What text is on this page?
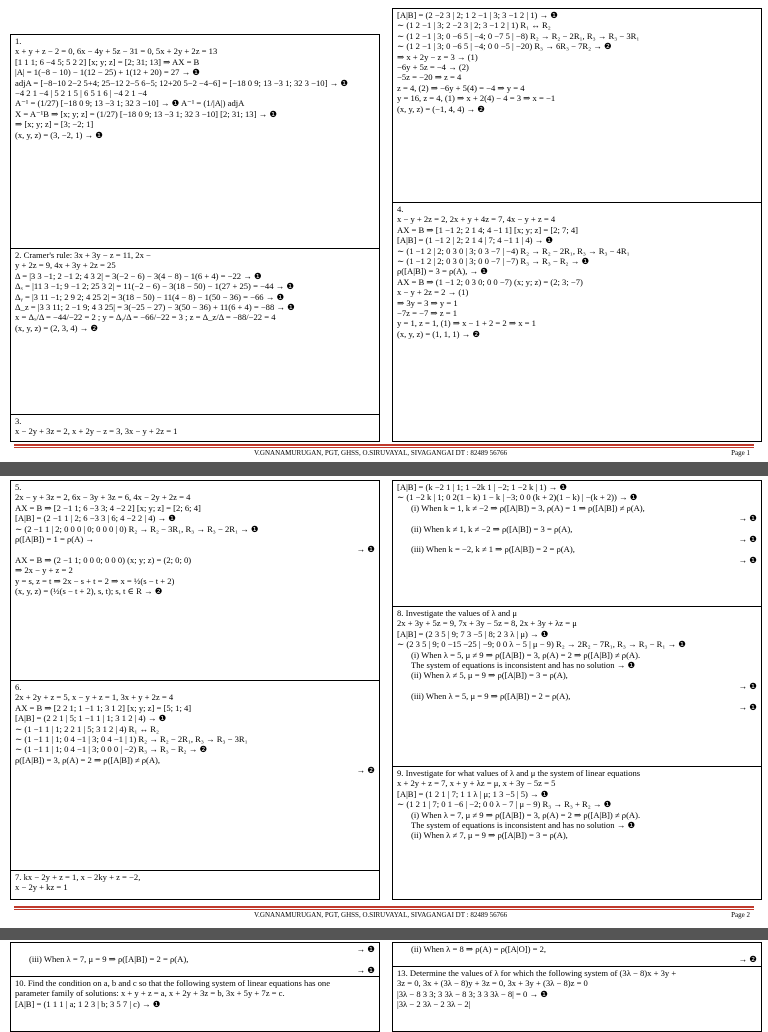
1.
x + y + z − 2 = 0, 6x − 4y + 5z − 31 = 0, 5x + 2y + 2z = 13
[1 1 1; 6 −4 5; 5 2 2] [x; y; z] = [2; 31; 13] ⇒ AX = B
|A| = 1(−8 − 10) − 1(12 − 25) + 1(12 + 20) = 27 → ❶
adjA = [−8−10 2−2 5+4; 25−12 2−5 6−5; 12+20 5−2 −4−6] = [−18 0 9; 13 −3 1; 32 3 −10] → ❶
−4 2 1 −4 | 5 2 1 5 | 6 5 1 6 | −4 2 1 −4
A⁻¹ = (1/27) [−18 0 9; 13 −3 1; 32 3 −10] → ❶ A⁻¹ = (1/|A|) adjA
X = A⁻¹B ⇒ [x; y; z] = (1/27) [−18 0 9; 13 −3 1; 32 3 −10] [2; 31; 13] → ❶
⇒ [x; y; z] = [3; −2; 1]
(x, y, z) = (3, −2, 1) → ❶
2. Cramer's rule: 3x + 3y − z = 11, 2x −
y + 2z = 9, 4x + 3y + 2z = 25
Δ = |3 3 −1; 2 −1 2; 4 3 2| = 3(−2 − 6) − 3(4 − 8) − 1(6 + 4) = −22 → ❶
Δₓ = |11 3 −1; 9 −1 2; 25 3 2| = 11(−2 − 6) − 3(18 − 50) − 1(27 + 25) = −44 → ❶
Δᵧ = |3 11 −1; 2 9 2; 4 25 2| = 3(18 − 50) − 11(4 − 8) − 1(50 − 36) = −66 → ❶
Δ_z = |3 3 11; 2 −1 9; 4 3 25| = 3(−25 − 27) − 3(50 − 36) + 11(6 + 4) = −88 → ❶
x = Δₓ/Δ = −44/−22 = 2 ; y = Δᵧ/Δ = −66/−22 = 3 ; z = Δ_z/Δ = −88/−22 = 4
(x, y, z) = (2, 3, 4) → ❷
3.
x − 2y + 3z = 2, x + 2y − z = 3, 3x − y + 2z = 1
[A|B] = (2 −2 3 | 2; 1 2 −1 | 3; 3 −1 2 | 1) → ❶
∼ (1 2 −1 | 3; 2 −2 3 | 2; 3 −1 2 | 1) R₁ ↔ R₂
∼ (1 2 −1 | 3; 0 −6 5 | −4; 0 −7 5 | −8) R₂ → R₂ − 2R₁, R₃ → R₃ − 3R₁
∼ (1 2 −1 | 3; 0 −6 5 | −4; 0 0 −5 | −20) R₃ → 6R₃ − 7R₂ → ❷
⇒ x + 2y − z = 3 → (1)
−6y + 5z = −4 → (2)
−5z = −20 ⇒ z = 4
z = 4, (2) ⇒ −6y + 5(4) = −4 ⇒ y = 4
y = 16, z = 4, (1) ⇒ x + 2(4) − 4 = 3 ⇒ x = −1
(x, y, z) = (−1, 4, 4) → ❷
4.
x − y + 2z = 2, 2x + y + 4z = 7, 4x − y + z = 4
AX = B ⇒ [1 −1 2; 2 1 4; 4 −1 1] [x; y; z] = [2; 7; 4]
[A|B] = (1 −1 2 | 2; 2 1 4 | 7; 4 −1 1 | 4) → ❶
∼ (1 −1 2 | 2; 0 3 0 | 3; 0 3 −7 | −4) R₂ → R₂ − 2R₁, R₃ → R₃ − 4R₁
∼ (1 −1 2 | 2; 0 3 0 | 3; 0 0 −7 | −7) R₃ → R₃ − R₂ → ❶
ρ([A|B]) = 3 = ρ(A), → ❶
AX = B ⇒ (1 −1 2; 0 3 0; 0 0 −7) (x; y; z) = (2; 3; −7)
x − y + 2z = 2 → (1)
⇒ 3y = 3 ⇒ y = 1
−7z = −7 ⇒ z = 1
y = 1, z = 1, (1) ⇒ x − 1 + 2 = 2 ⇒ x = 1
(x, y, z) = (1, 1, 1) → ❷
V.GNANAMURUGAN, PGT, GHSS, O.SIRUVAYAL, SIVAGANGAI DT : 82489 56766	Page 1
5.
2x − y + 3z = 2, 6x − 3y + 3z = 6, 4x − 2y + 2z = 4
AX = B ⇒ [2 −1 1; 6 −3 3; 4 −2 2] [x; y; z] = [2; 6; 4]
[A|B] = (2 −1 1 | 2; 6 −3 3 | 6; 4 −2 2 | 4) → ❶
∼ (2 −1 1 | 2; 0 0 0 | 0; 0 0 0 | 0) R₂ → R₂ − 3R₁, R₃ → R₃ − 2R₁ → ❶
ρ([A|B]) = 1 = ρ(A) →
→ ❶
AX = B ⇒ (2 −1 1; 0 0 0; 0 0 0) (x; y; z) = (2; 0; 0)
⇒ 2x − y + z = 2
y = s, z = t ⇒ 2x − s + t = 2 ⇒ x = ½(s − t + 2)
(x, y, z) = (½(s − t + 2), s, t); s, t ∈ R → ❷
6.
2x + 2y + z = 5, x − y + z = 1, 3x + y + 2z = 4
AX = B ⇒ [2 2 1; 1 −1 1; 3 1 2] [x; y; z] = [5; 1; 4]
[A|B] = (2 2 1 | 5; 1 −1 1 | 1; 3 1 2 | 4) → ❶
∼ (1 −1 1 | 1; 2 2 1 | 5; 3 1 2 | 4) R₁ ↔ R₂
∼ (1 −1 1 | 1; 0 4 −1 | 3; 0 4 −1 | 1) R₂ → R₂ − 2R₁, R₃ → R₃ − 3R₁
∼ (1 −1 1 | 1; 0 4 −1 | 3; 0 0 0 | −2) R₃ → R₃ − R₂ → ❷
ρ([A|B]) = 3, ρ(A) = 2 ⇒ ρ([A|B]) ≠ ρ(A),
→ ❷
7. kx − 2y + z = 1, x − 2ky + z = −2,
x − 2y + kz = 1
[A|B] = (k −2 1 | 1; 1 −2k 1 | −2; 1 −2 k | 1) → ❶
∼ (1 −2 k | 1; 0 2(1 − k) 1 − k | −3; 0 0 (k + 2)(1 − k) | −(k + 2)) → ❶
(i) When k = 1, k ≠ −2 ⇒ ρ([A|B]) = 3, ρ(A) = 1 ⇒ ρ([A|B]) ≠ ρ(A),
→ ❶
(ii) When k ≠ 1, k ≠ −2 ⇒ ρ([A|B]) = 3 = ρ(A),
→ ❶
(iii) When k = −2, k ≠ 1 ⇒ ρ([A|B]) = 2 = ρ(A),
→ ❶
8. Investigate the values of λ and μ
2x + 3y + 5z = 9, 7x + 3y − 5z = 8, 2x + 3y + λz = μ
[A|B] = (2 3 5 | 9; 7 3 −5 | 8; 2 3 λ | μ) → ❶
∼ (2 3 5 | 9; 0 −15 −25 | −9; 0 0 λ − 5 | μ − 9) R₂ → 2R₂ − 7R₁, R₃ → R₃ − R₁ → ❶
(i) When λ = 5, μ ≠ 9 ⇒ ρ([A|B]) = 3, ρ(A) = 2 ⇒ ρ([A|B]) ≠ ρ(A).
The system of equations is inconsistent and has no solution → ❶
(ii) When λ ≠ 5, μ = 9 ⇒ ρ([A|B]) = 3 = ρ(A),
→ ❶
(iii) When λ = 5, μ = 9 ⇒ ρ([A|B]) = 2 = ρ(A),
→ ❶
9. Investigate for what values of λ and μ the system of linear equations
x + 2y + z = 7, x + y + λz = μ, x + 3y − 5z = 5
[A|B] = (1 2 1 | 7; 1 1 λ | μ; 1 3 −5 | 5) → ❶
∼ (1 2 1 | 7; 0 1 −6 | −2; 0 0 λ − 7 | μ − 9) R₃ → R₃ + R₂ → ❶
(i) When λ = 7, μ ≠ 9 ⇒ ρ([A|B]) = 3, ρ(A) = 2 ⇒ ρ([A|B]) ≠ ρ(A).
The system of equations is inconsistent and has no solution → ❶
(ii) When λ ≠ 7, μ = 9 ⇒ ρ([A|B]) = 3 = ρ(A),
V.GNANAMURUGAN, PGT, GHSS, O.SIRUVAYAL, SIVAGANGAI DT : 82489 56766	Page 2
→ ❶
(iii) When λ = 7, μ = 9 ⇒ ρ([A|B]) = 2 = ρ(A),
→ ❶
10. Find the condition on a, b and c so that the following system of linear equations has one
parameter family of solutions: x + y + z = a, x + 2y + 3z = b, 3x + 5y + 7z = c.
[A|B] = (1 1 1 | a; 1 2 3 | b; 3 5 7 | c) → ❶
(ii) When λ = 8 ⇒ ρ(A) = ρ([A|O]) = 2,
→ ❷
13. Determine the values of λ for which the following system of (3λ − 8)x + 3y +
3z = 0, 3x + (3λ − 8)y + 3z = 0, 3x + 3y + (3λ − 8)z = 0
|3λ − 8 3 3; 3 3λ − 8 3; 3 3 3λ − 8| = 0 → ❶
|3λ − 2 3λ − 2 3λ − 2|
